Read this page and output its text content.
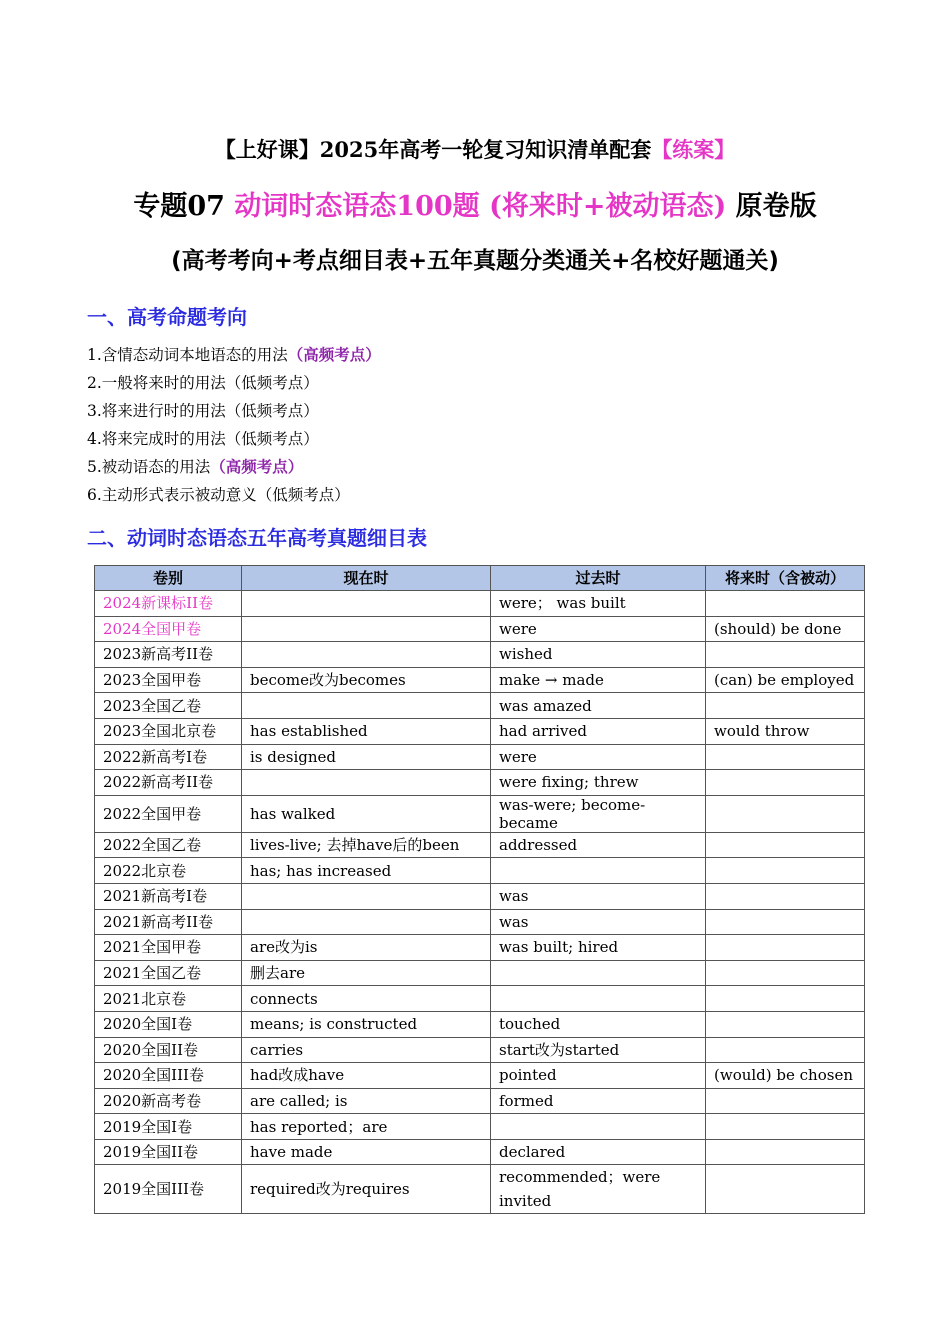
【上好课】2025年高考一轮复习知识清单配套【练案】
专题07 动词时态语态100题 (将来时+被动语态) 原卷版
(高考考向+考点细目表+五年真题分类通关+名校好题通关)
一、高考命题考向
1.含情态动词本地语态的用法（高频考点）
2.一般将来时的用法（低频考点）
3.将来进行时的用法（低频考点）
4.将来完成时的用法（低频考点）
5.被动语态的用法（高频考点）
6.主动形式表示被动意义（低频考点）
二、动词时态语态五年高考真题细目表
卷别	现在时	过去时	将来时（含被动）
2024新课标II卷		were； was built	
2024全国甲卷		were	(should) be done
2023新高考II卷		wished	
2023全国甲卷	become改为becomes	make → made	(can) be employed
2023全国乙卷		was amazed	
2023全国北京卷	has established	had arrived	would throw
2022新高考I卷	is designed	were	
2022新高考II卷		were fixing; threw	
2022全国甲卷	has walked	was-were; become-became	
2022全国乙卷	lives-live; 去掉have后的been	addressed	
2022北京卷	has; has increased		
2021新高考I卷		was	
2021新高考II卷		was	
2021全国甲卷	are改为is	was built; hired	
2021全国乙卷	删去are		
2021北京卷	connects		
2020全国I卷	means; is constructed	touched	
2020全国II卷	carries	start改为started	
2020全国III卷	had改成have	pointed	(would) be chosen
2020新高考卷	are called; is	formed	
2019全国I卷	has reported；are		
2019全国II卷	have made	declared	
2019全国III卷	required改为requires	recommended；were invited	
